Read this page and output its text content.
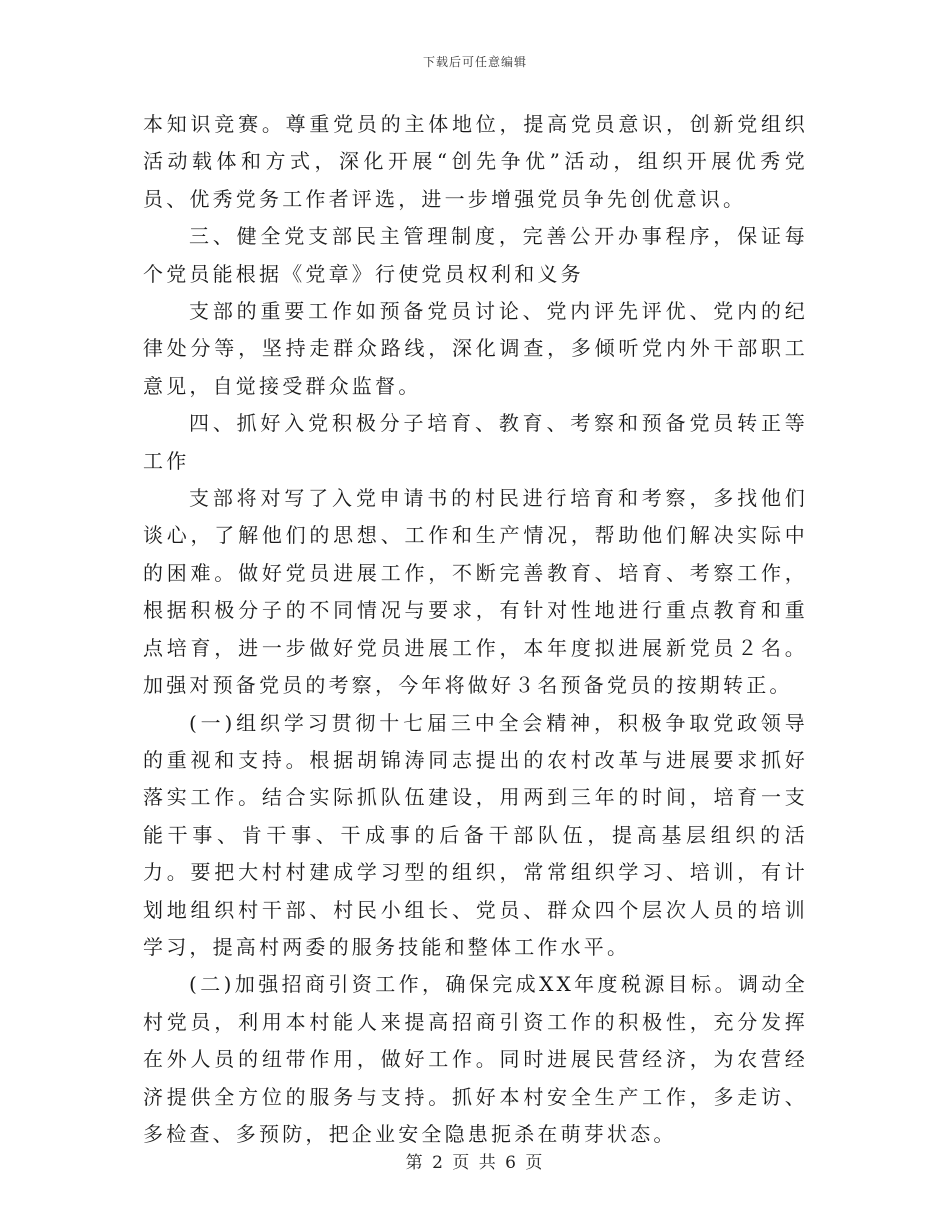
下载后可任意编辑

本知识竞赛。尊重党员的主体地位，提高党员意识，创新党组织活动载体和方式，深化开展“创先争优”活动，组织开展优秀党员、优秀党务工作者评选，进一步增强党员争先创优意识。

三、健全党支部民主管理制度，完善公开办事程序，保证每个党员能根据《党章》行使党员权利和义务

支部的重要工作如预备党员讨论、党内评先评优、党内的纪律处分等，坚持走群众路线，深化调查，多倾听党内外干部职工意见，自觉接受群众监督。

四、抓好入党积极分子培育、教育、考察和预备党员转正等工作

支部将对写了入党申请书的村民进行培育和考察，多找他们谈心，了解他们的思想、工作和生产情况，帮助他们解决实际中的困难。做好党员进展工作，不断完善教育、培育、考察工作，根据积极分子的不同情况与要求，有针对性地进行重点教育和重点培育，进一步做好党员进展工作，本年度拟进展新党员２名。加强对预备党员的考察，今年将做好３名预备党员的按期转正。

(一)组织学习贯彻十七届三中全会精神，积极争取党政领导的重视和支持。根据胡锦涛同志提出的农村改革与进展要求抓好落实工作。结合实际抓队伍建设，用两到三年的时间，培育一支能干事、肯干事、干成事的后备干部队伍，提高基层组织的活力。要把大村村建成学习型的组织，常常组织学习、培训，有计划地组织村干部、村民小组长、党员、群众四个层次人员的培训学习，提高村两委的服务技能和整体工作水平。

(二)加强招商引资工作，确保完成XX年度税源目标。调动全村党员，利用本村能人来提高招商引资工作的积极性，充分发挥在外人员的纽带作用，做好工作。同时进展民营经济，为农营经济提供全方位的服务与支持。抓好本村安全生产工作，多走访、多检查、多预防，把企业安全隐患扼杀在萌芽状态。

第 2 页 共 6 页
